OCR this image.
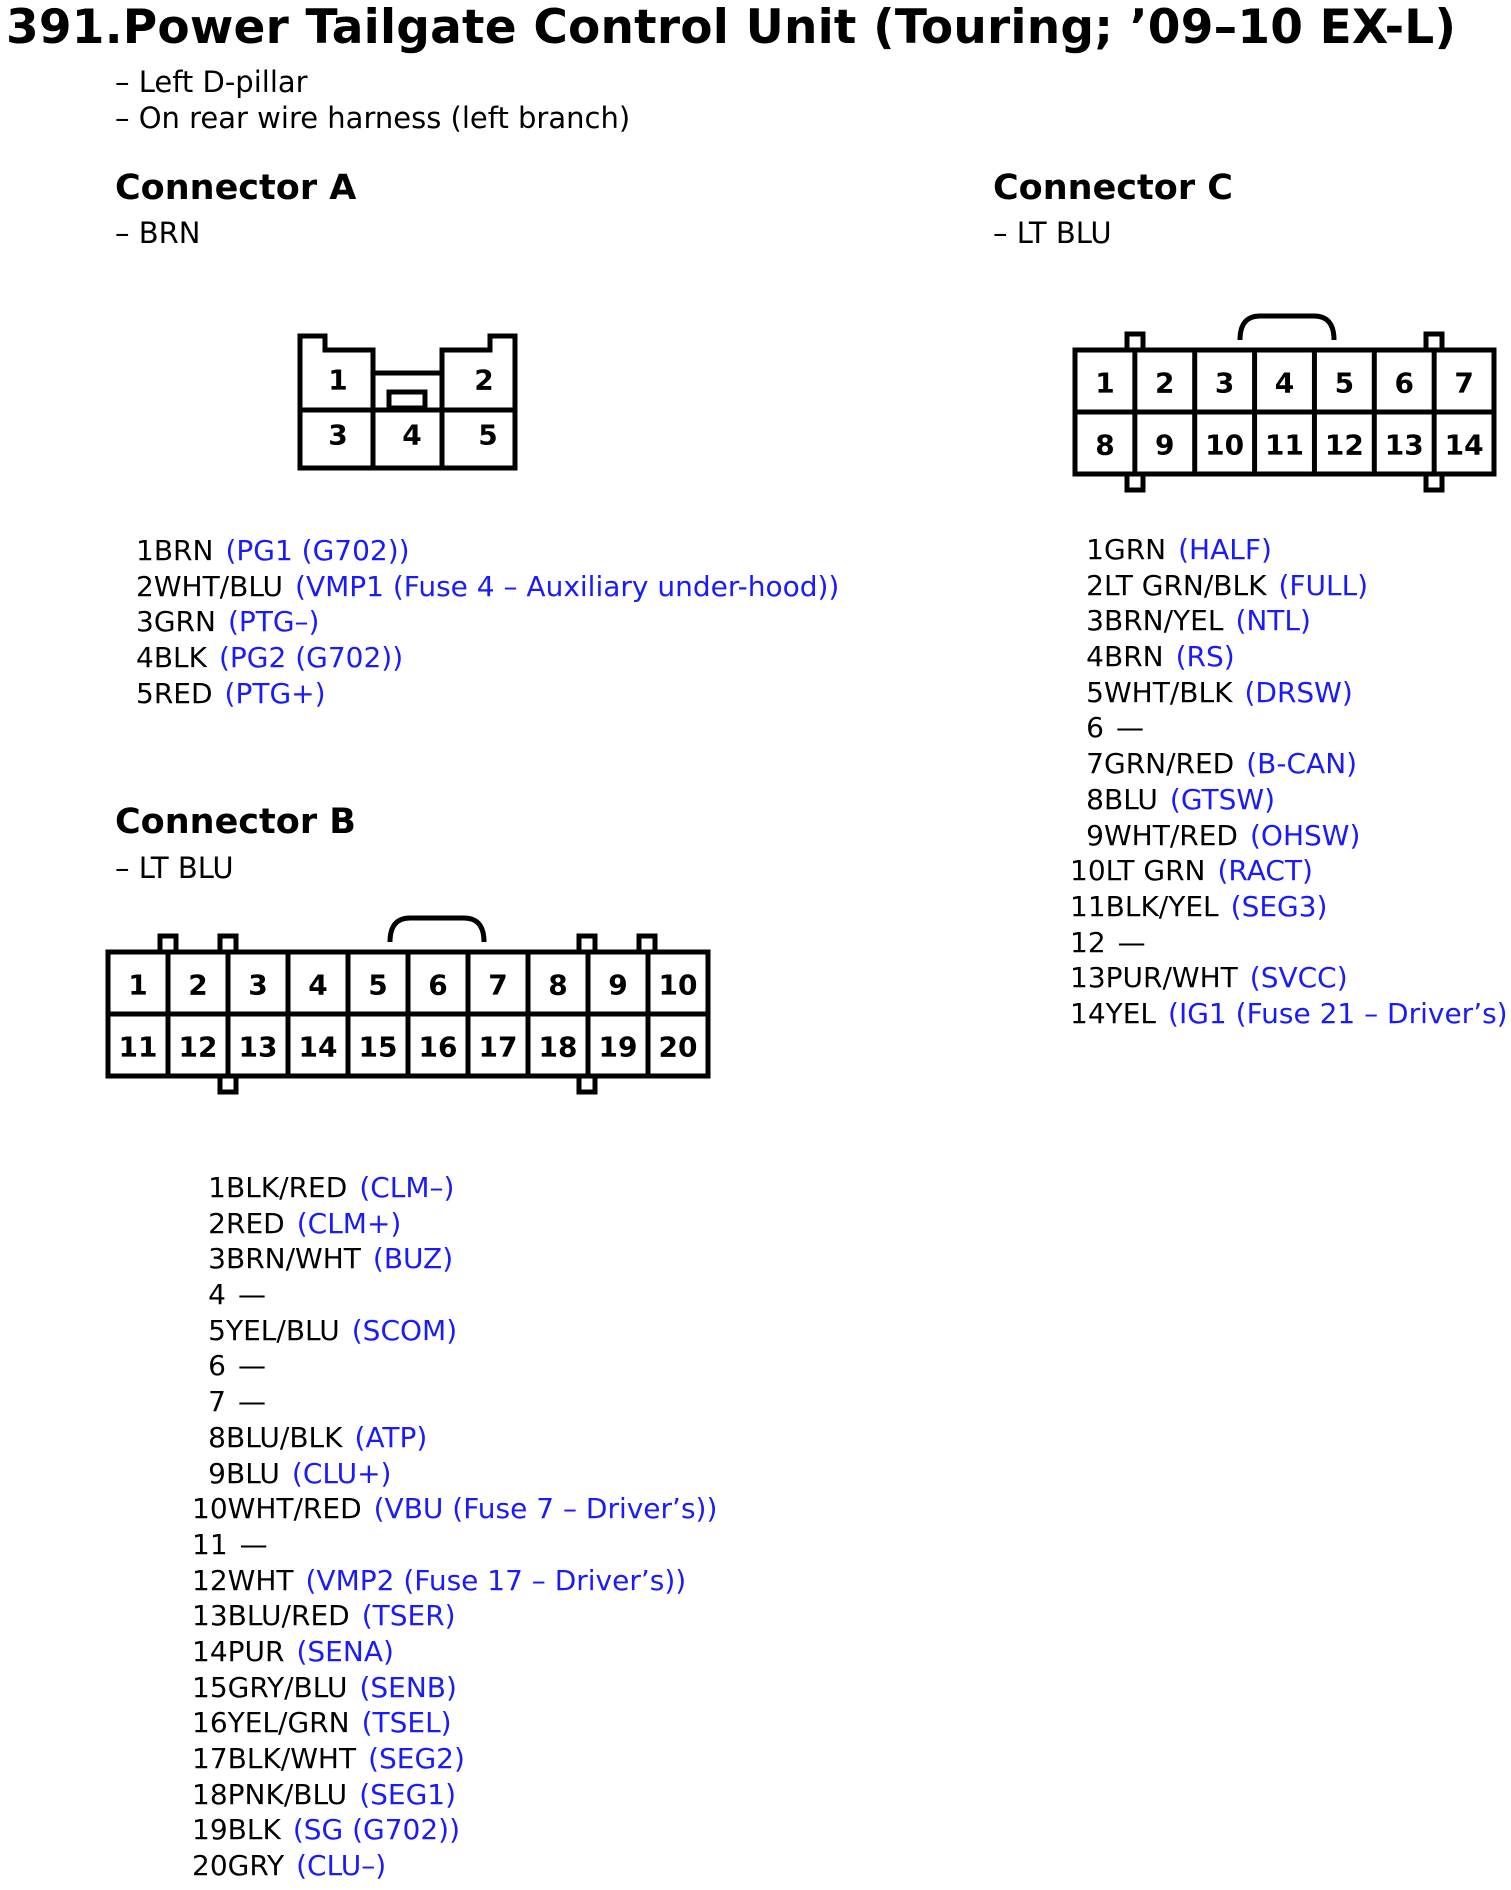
391.Power Tailgate Control Unit (Touring; ’09–10 EX-L)
– Left D-pillar
– On rear wire harness (left branch)
Connector A
– BRN
1	2
3 4 5
1BRN (PG1 (G702))
2WHT/BLU (VMP1 (Fuse 4 – Auxiliary under-hood))
3GRN (PTG–)
4BLK (PG2 (G702))
5RED (PTG+)
Connector B
– LT BLU
1 2 3 4 5 6 7 8 9 10
11 12 13 14 15 16 17 18 19 20
1BLK/RED (CLM–)
2RED (CLM+)
3BRN/WHT (BUZ)
4 —
5YEL/BLU (SCOM)
6 —
7 —
8BLU/BLK (ATP)
9BLU (CLU+)
10WHT/RED (VBU (Fuse 7 – Driver’s))
11 —
12WHT (VMP2 (Fuse 17 – Driver’s))
13BLU/RED (TSER)
14PUR (SENA)
15GRY/BLU (SENB)
16YEL/GRN (TSEL)
17BLK/WHT (SEG2)
18PNK/BLU (SEG1)
19BLK (SG (G702))
20GRY (CLU–)
Connector C
– LT BLU
1 2 3 4 5 6 7
8 9 10 11 12 13 14
1GRN (HALF)
2LT GRN/BLK (FULL)
3BRN/YEL (NTL)
4BRN (RS)
5WHT/BLK (DRSW)
6 —
7GRN/RED (B-CAN)
8BLU (GTSW)
9WHT/RED (OHSW)
10LT GRN (RACT)
11BLK/YEL (SEG3)
12 —
13PUR/WHT (SVCC)
14YEL (IG1 (Fuse 21 – Driver’s)
